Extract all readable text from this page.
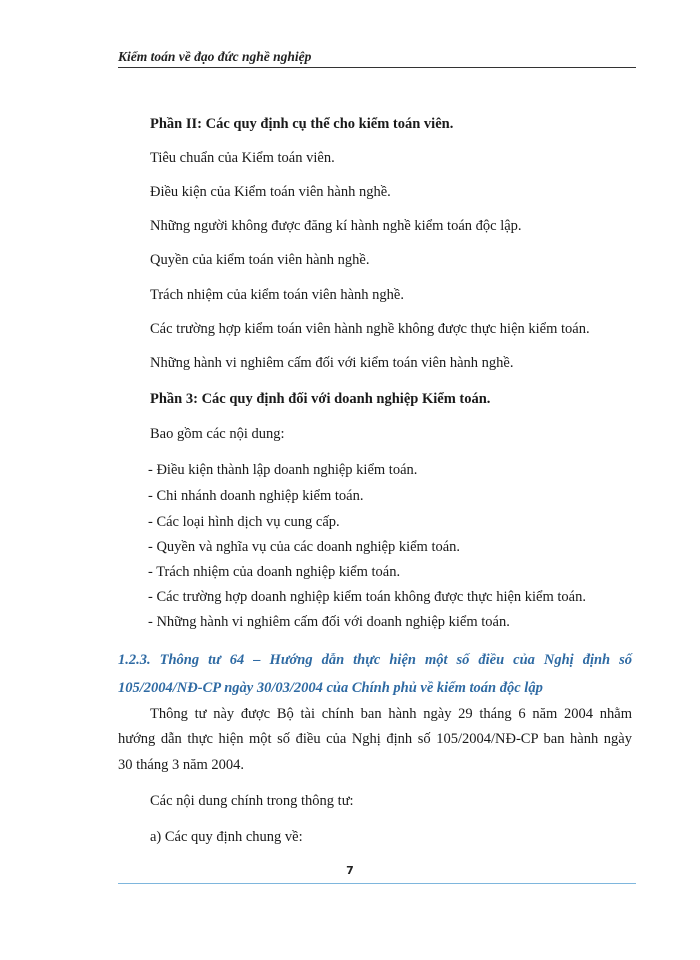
Kiểm toán về đạo đức nghề nghiệp
Phần II: Các quy định cụ thể cho kiểm toán viên.
Tiêu chuẩn của Kiểm toán viên.
Điều kiện của Kiểm toán viên hành nghề.
Những người không được đăng kí hành nghề kiểm toán độc lập.
Quyền của kiểm toán viên hành nghề.
Trách nhiệm của kiểm toán viên hành nghề.
Các trường hợp kiểm toán viên hành nghề không được thực hiện kiểm toán.
Những hành vi nghiêm cấm đối với kiểm toán viên hành nghề.
Phần 3: Các quy định đối với doanh nghiệp Kiểm toán.
Bao gồm các nội dung:
- Điều kiện thành lập doanh nghiệp kiểm toán.
- Chi nhánh doanh nghiệp kiểm toán.
- Các loại hình dịch vụ cung cấp.
- Quyền và nghĩa vụ của các doanh nghiệp kiểm toán.
- Trách nhiệm của doanh nghiệp kiểm toán.
- Các trường hợp doanh nghiệp kiểm toán không được thực hiện kiểm toán.
- Những hành vi nghiêm cấm đối với doanh nghiệp kiểm toán.
1.2.3. Thông tư 64 – Hướng dẫn thực hiện một số điều của Nghị định số
105/2004/NĐ-CP ngày 30/03/2004 của Chính phủ về kiểm toán độc lập
Thông tư này được Bộ tài chính ban hành ngày 29 tháng 6 năm 2004 nhằm
hướng dẫn thực hiện một số điều của Nghị định số 105/2004/NĐ-CP ban hành ngày
30 tháng 3 năm 2004.
Các nội dung chính trong thông tư:
a) Các quy định chung về:
7
